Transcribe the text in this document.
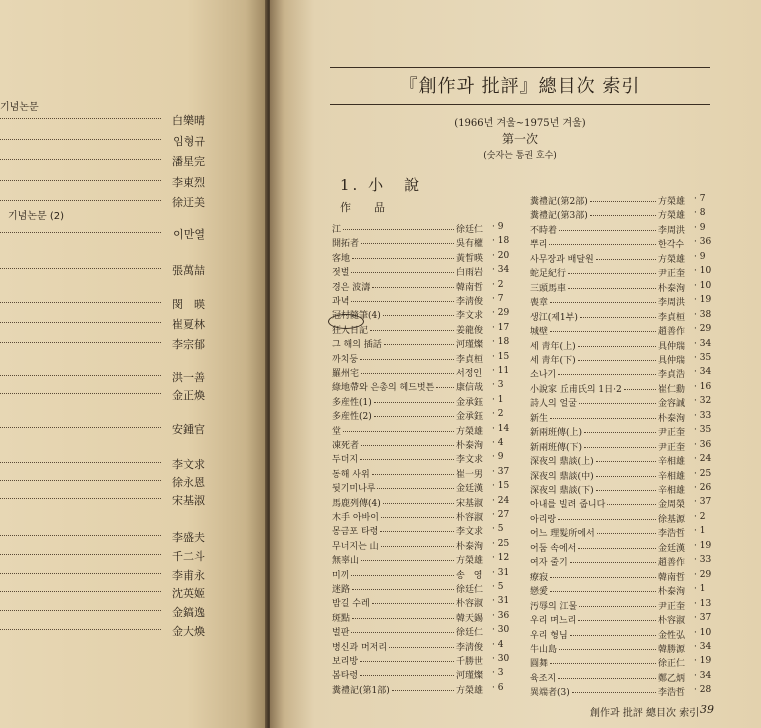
기념논문
기념논문 (2)
白樂晴
임형규
潘星完
李東烈
徐迂美
이만열
張萬喆
閔　暎
崔夏林
李宗郁
洪一善
金正煥
安鍾官
李文求
徐永恩
宋基淑
李盛夫
千二斗
李甫永
沈英姬
金鎬逸
金大煥
『創作과 批評』總目次 索引
(1966년 겨울~1975년 겨울)
第一次
(숫자는 통권 호수)
1. 小　說
作　品
江	徐廷仁 · 9
開拓者	吳有權 · 18
客地	黃晳暎 · 20
젓벌	白雨岩 · 34
경은 波濤	韓南哲 · 2
과녁	李淸俊 · 7
冠村隨筆(4)	李文求 · 29
狂人日記	姜龍俊 · 17
그 해의 插話	河瑾燦 · 18
까치둥	李貞桓 · 15
羅州宅	서정인 · 11
綠地帶와 은총의 헤드벗튼 康信哉 · 3
多産性(1)	金承鈺 · 1
多産性(2)	金承鈺 · 2
堂	方榮雄 · 14
凍死者	朴泰洵 · 4
두더지	李文求 · 9
동해 사위	崔一男 · 37
뒷기미나루	金廷漢 · 15
馬鹿列傳(4)	宋基淑 · 24
木手 아바이	朴容淑 · 27
몽금포 타령	李文求 · 5
무너지는 山	朴泰洵 · 25
無辜山	方榮雄 · 12
미끼	송　영 · 31
迷路	徐廷仁 · 5
밤길 수레	朴容淑 · 31
斑點	韓天錫 · 36
벌판	徐廷仁 · 30
병신과 머저리	李淸俊 · 4
보리방	千勝世 · 30
봄타령	河瑾燦 · 3
糞禮記(第1部)	方榮雄 · 6
糞禮記(第2部)	方榮雄 · 7
糞禮記(第3部)	方榮雄 · 8
不時着	李周洪 · 9
뿌리	한각수 · 36
사무장과 배달원	方榮雄 · 9
蛇足紀行	尹正奎 · 10
三頭馬車	朴泰洵 · 10
喪章	李周洪 · 19
생江(제1부)	李貞桓 · 38
城壁	趙善作 · 29
세 靑年(上)	具仲瑞 · 34
세 靑年(下)	具仲瑞 · 35
소나기	李貞浩 · 34
小說家 丘甫氏의 1日·2	崔仁勳 · 16
詩人의 얼굴	金容誠 · 32
新生	朴泰洵 · 33
新兩班傳(上)	尹正奎 · 35
新兩班傳(下)	尹正奎 · 36
深夜의 鼎談(上)	辛相雄 · 24
深夜의 鼎談(中)	辛相雄 · 25
深夜의 鼎談(下)	辛相雄 · 26
아내를 빌려 줍니다	金周榮 · 37
아리랑	徐基源 · 2
어느 理髮所에서	李浩哲 · 1
어둠 속에서	金廷漢 · 19
여자 줄기	趙善作 · 33
療寂	韓南哲 · 29
戀愛	朴泰洵 · 1
汚辱의 江물	尹正奎 · 13
우리 며느리	朴容淑 · 37
우리 형님	金性弘 · 10
牛山島	韓勝源 · 34
圓舞	徐正仁 · 19
육조지	鄭乙炳 · 34
異端者(3)	李浩哲 · 28
創作과 批評 總目次 索引 39
